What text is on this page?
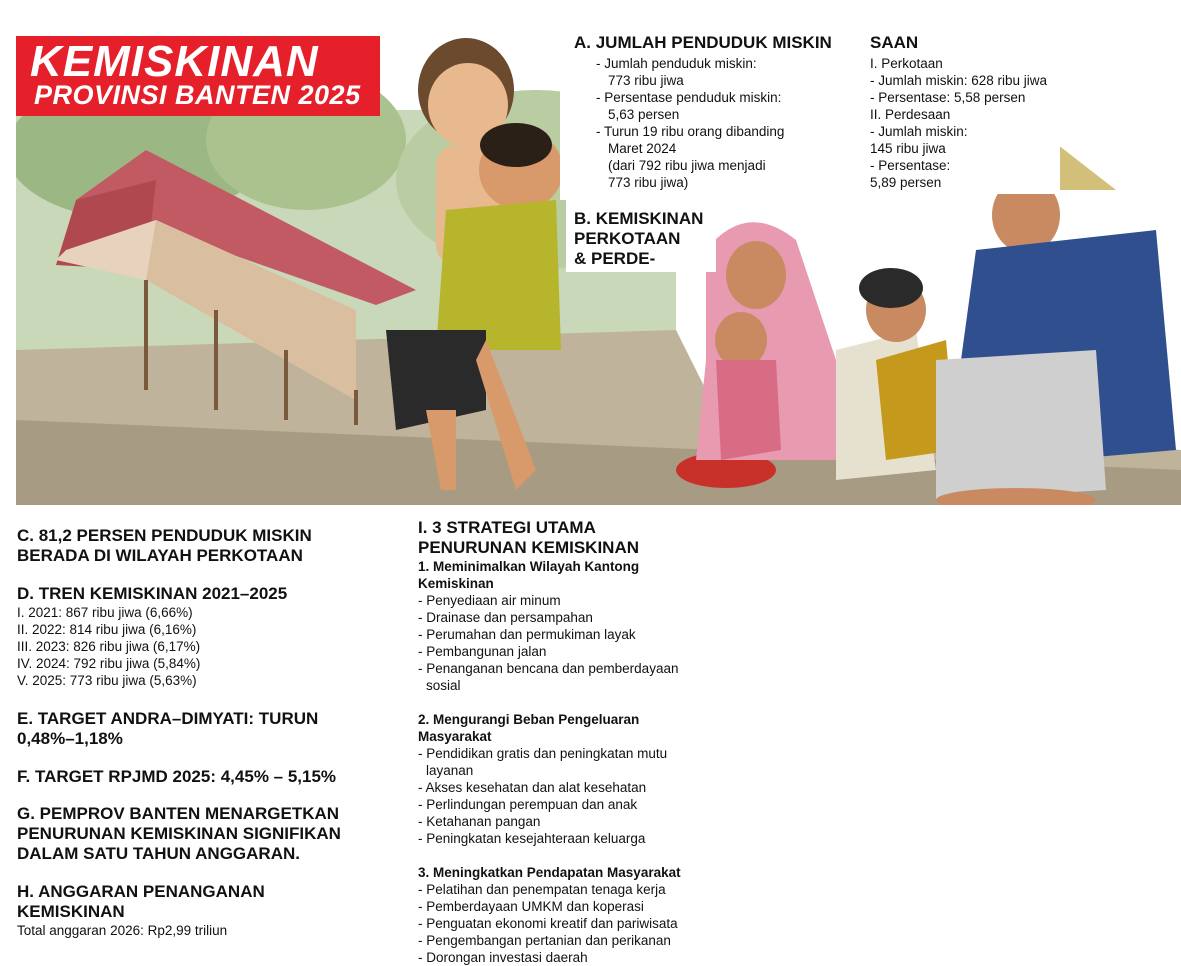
KEMISKINAN
PROVINSI BANTEN 2025
A. JUMLAH PENDUDUK MISKIN
- Jumlah penduduk miskin:
773 ribu jiwa
- Persentase penduduk miskin:
5,63 persen
- Turun 19 ribu orang dibanding
Maret 2024
(dari 792 ribu jiwa menjadi
773 ribu jiwa)
B. KEMISKINAN
PERKOTAAN
& PERDE-
SAAN
I. Perkotaan
- Jumlah miskin: 628 ribu jiwa
- Persentase: 5,58 persen
II. Perdesaan
- Jumlah miskin:
145 ribu jiwa
- Persentase:
5,89 persen
C. 81,2 PERSEN PENDUDUK MISKIN
BERADA DI WILAYAH PERKOTAAN
D. TREN KEMISKINAN 2021–2025
I. 2021: 867 ribu jiwa (6,66%)
II. 2022: 814 ribu jiwa (6,16%)
III. 2023: 826 ribu jiwa (6,17%)
IV. 2024: 792 ribu jiwa (5,84%)
V. 2025: 773 ribu jiwa (5,63%)
E. TARGET ANDRA–DIMYATI: TURUN
0,48%–1,18%
F. TARGET RPJMD 2025: 4,45% – 5,15%
G. PEMPROV BANTEN MENARGETKAN
PENURUNAN KEMISKINAN SIGNIFIKAN
DALAM SATU TAHUN ANGGARAN.
H. ANGGARAN PENANGANAN
KEMISKINAN
Total anggaran 2026: Rp2,99 triliun
I. 3 STRATEGI UTAMA
PENURUNAN KEMISKINAN
1. Meminimalkan Wilayah Kantong
Kemiskinan
- Penyediaan air minum
- Drainase dan persampahan
- Perumahan dan permukiman layak
- Pembangunan jalan
- Penanganan bencana dan pemberdayaan
sosial
2. Mengurangi Beban Pengeluaran
Masyarakat
- Pendidikan gratis dan peningkatan mutu
layanan
- Akses kesehatan dan alat kesehatan
- Perlindungan perempuan dan anak
- Ketahanan pangan
- Peningkatan kesejahteraan keluarga
3. Meningkatkan Pendapatan Masyarakat
- Pelatihan dan penempatan tenaga kerja
- Pemberdayaan UMKM dan koperasi
- Penguatan ekonomi kreatif dan pariwisata
- Pengembangan pertanian dan perikanan
- Dorongan investasi daerah
